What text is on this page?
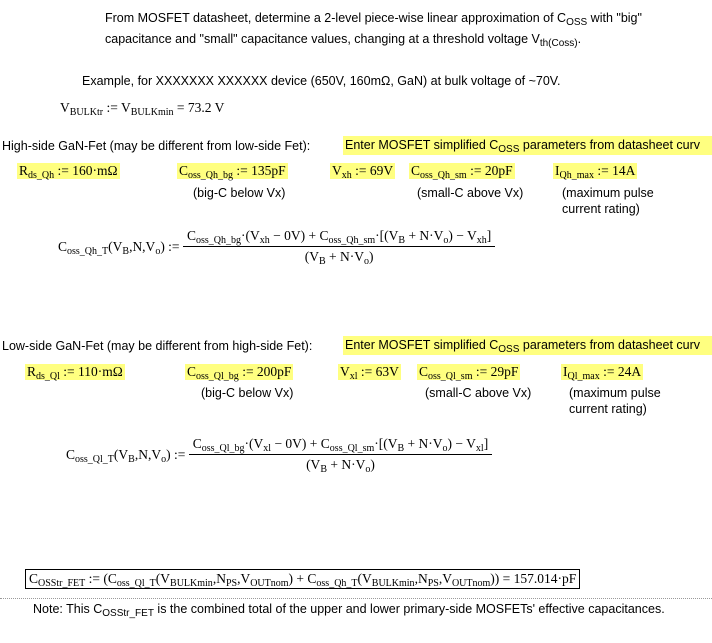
From MOSFET datasheet, determine a 2-level piece-wise linear approximation of $C_{OSS}$ with "big"
capacitance and "small" capacitance values, changing at a threshold voltage $V_{th(Coss)}$.
Example, for XXXXXXX XXXXXX device (650V, 160mΩ, GaN) at bulk voltage of ~70V.
$V_{BULKtr}$ := $V_{BULKmin} = 73.2$ V
High-side GaN-Fet (may be different from low-side Fet):	Enter MOSFET simplified $C_{OSS}$ parameters from datasheet curv
$R_{ds\_Qh}$ := 160·mΩ	$C_{oss\_Qh\_bg}$ := 135pF
(big-C below Vx)
$V_{xh}$ := 69V $C_{oss\_Qh\_sm}$ := 20pF
(small-C above Vx)
$I_{Qh\_max}$ := 14A
(maximum pulse
current rating)
$C_{oss\_Qh\_T}(V_B,N,V_o)$ := $\frac{C_{oss\_Qh\_bg}\cdot(V_{xh} - 0V) + C_{oss\_Qh\_sm}\cdot[(V_B + N\cdot V_o) - V_{xh}]}{(V_B + N\cdot V_o)}$
Low-side GaN-Fet (may be different from high-side Fet):	Enter MOSFET simplified $C_{OSS}$ parameters from datasheet curv
$R_{ds\_Ql}$ := 110·mΩ	$C_{oss\_Ql\_bg}$ := 200pF
(big-C below Vx)
$V_{xl}$ := 63V $C_{oss\_Ql\_sm}$ := 29pF
(small-C above Vx)
$I_{Ql\_max}$ := 24A
(maximum pulse
current rating)
$C_{oss\_Ql\_T}(V_B,N,V_o)$ := $\frac{C_{oss\_Ql\_bg}\cdot(V_{xl} - 0V) + C_{oss\_Ql\_sm}\cdot[(V_B + N\cdot V_o) - V_{xl}]}{(V_B + N\cdot V_o)}$
$C_{OSStr\_FET}$ := $(C_{oss\_Ql\_T}(V_{BULKmin},N_{PS},V_{OUTnom}) + C_{oss\_Qh\_T}(V_{BULKmin},N_{PS},V_{OUTnom})) = 157.014\cdot pF$
Note: This $C_{OSStr\_FET}$ is the combined total of the upper and lower primary-side MOSFETs' effective capacitances.
